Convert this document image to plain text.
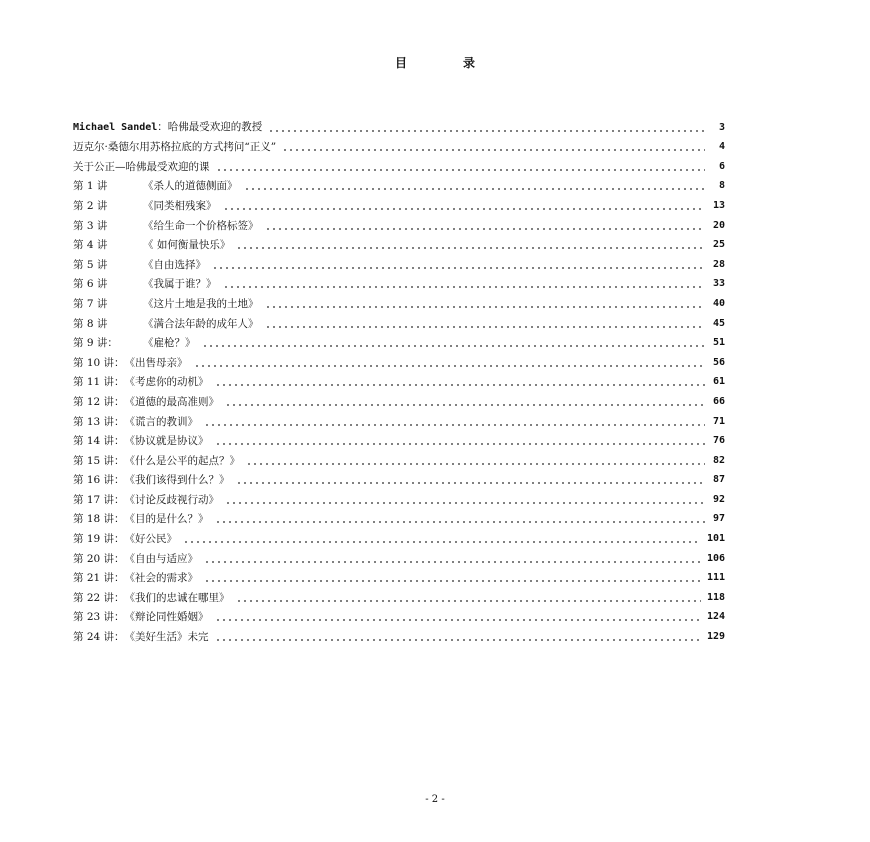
目　录
Michael Sandel：哈佛最受欢迎的教授	3
迈克尔·桑德尔用苏格拉底的方式拷问“正义”	4
关于公正—哈佛最受欢迎的课	6
第 1 讲	《杀人的道德侧面》	8
第 2 讲	《同类相残案》	13
第 3 讲	《给生命一个价格标签》	20
第 4 讲	《 如何衡量快乐》	25
第 5 讲	《自由选择》	28
第 6 讲	《我属于谁？》	33
第 7 讲	《这片土地是我的土地》	40
第 8 讲	《满合法年龄的成年人》	45
第 9 讲： 《雇枪？》	51
第 10 讲：《出售母亲》	56
第 11 讲：《考虑你的动机》	61
第 12 讲：《道德的最高准则》	66
第 13 讲：《谎言的教训》	71
第 14 讲：《协议就是协议》	76
第 15 讲：《什么是公平的起点？》	82
第 16 讲：《我们该得到什么？》	87
第 17 讲：《讨论反歧视行动》	92
第 18 讲：《目的是什么？》	97
第 19 讲：《好公民》	101
第 20 讲：《自由与适应》	106
第 21 讲：《社会的需求》	111
第 22 讲：《我们的忠诚在哪里》	118
第 23 讲：《辩论同性婚姻》	124
第 24 讲：《美好生活》未完	129
- 2 -
